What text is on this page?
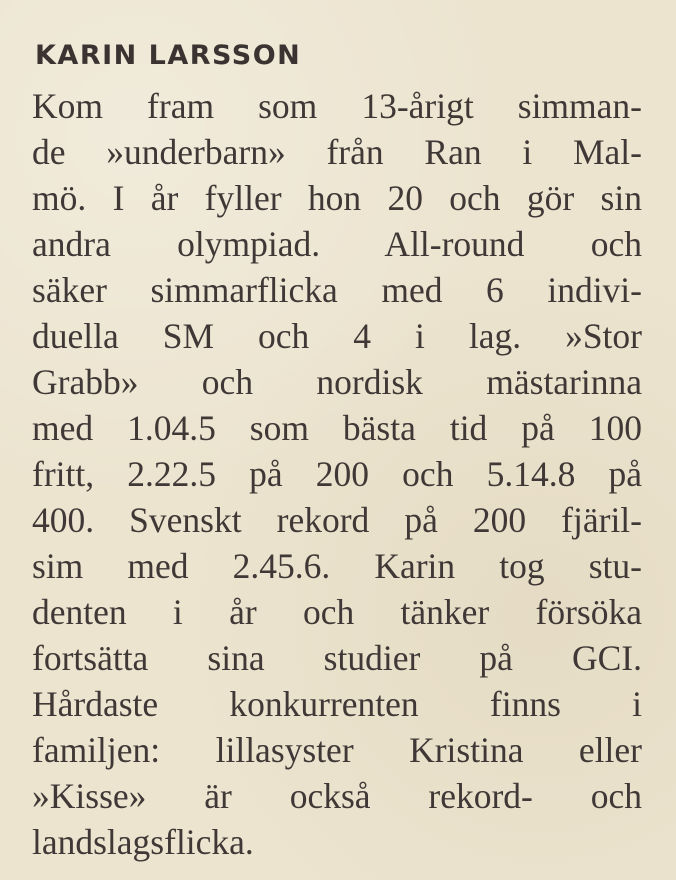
KARIN LARSSON
Kom fram som 13-årigt simman-
de »underbarn» från Ran i Mal-
mö. I år fyller hon 20 och gör sin
andra olympiad. All-round och
säker simmarflicka med 6 indivi-
duella SM och 4 i lag. »Stor
Grabb» och nordisk mästarinna
med 1.04.5 som bästa tid på 100
fritt, 2.22.5 på 200 och 5.14.8 på
400. Svenskt rekord på 200 fjäril-
sim med 2.45.6. Karin tog stu-
denten i år och tänker försöka
fortsätta sina studier på GCI.
Hårdaste konkurrenten finns i
familjen: lillasyster Kristina eller
»Kisse» är också rekord- och
landslagsflicka.
